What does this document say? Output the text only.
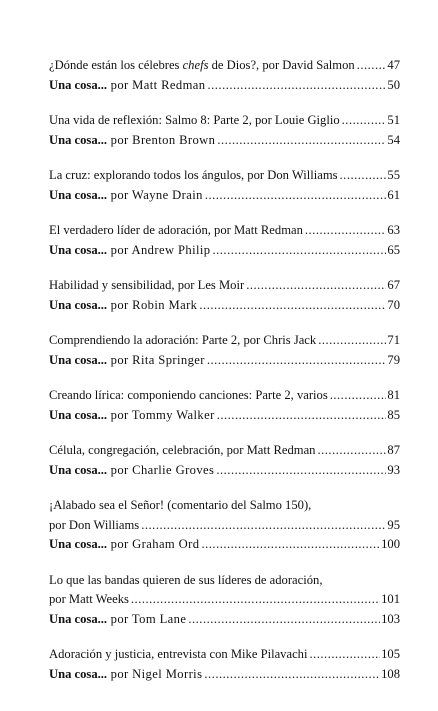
¿Dónde están los célebres chefs de Dios?, por David Salmon .....	47
Una cosa... por Matt Redman .....	50
Una vida de reflexión: Salmo 8: Parte 2, por Louie Giglio .....	51
Una cosa... por Brenton Brown .....	54
La cruz: explorando todos los ángulos, por Don Williams .....	55
Una cosa... por Wayne Drain .....	61
El verdadero líder de adoración, por Matt Redman .....	63
Una cosa... por Andrew Philip .....	65
Habilidad y sensibilidad, por Les Moir .....	67
Una cosa... por Robin Mark .....	70
Comprendiendo la adoración: Parte 2, por Chris Jack .....	71
Una cosa... por Rita Springer .....	79
Creando lírica: componiendo canciones: Parte 2, varios .....	81
Una cosa... por Tommy Walker .....	85
Célula, congregación, celebración, por Matt Redman .....	87
Una cosa... por Charlie Groves .....	93
¡Alabado sea el Señor! (comentario del Salmo 150),
por Don Williams .....	95
Una cosa... por Graham Ord .....	100
Lo que las bandas quieren de sus líderes de adoración,
por Matt Weeks .....	101
Una cosa... por Tom Lane .....	103
Adoración y justicia, entrevista con Mike Pilavachi .....	105
Una cosa... por Nigel Morris .....	108
